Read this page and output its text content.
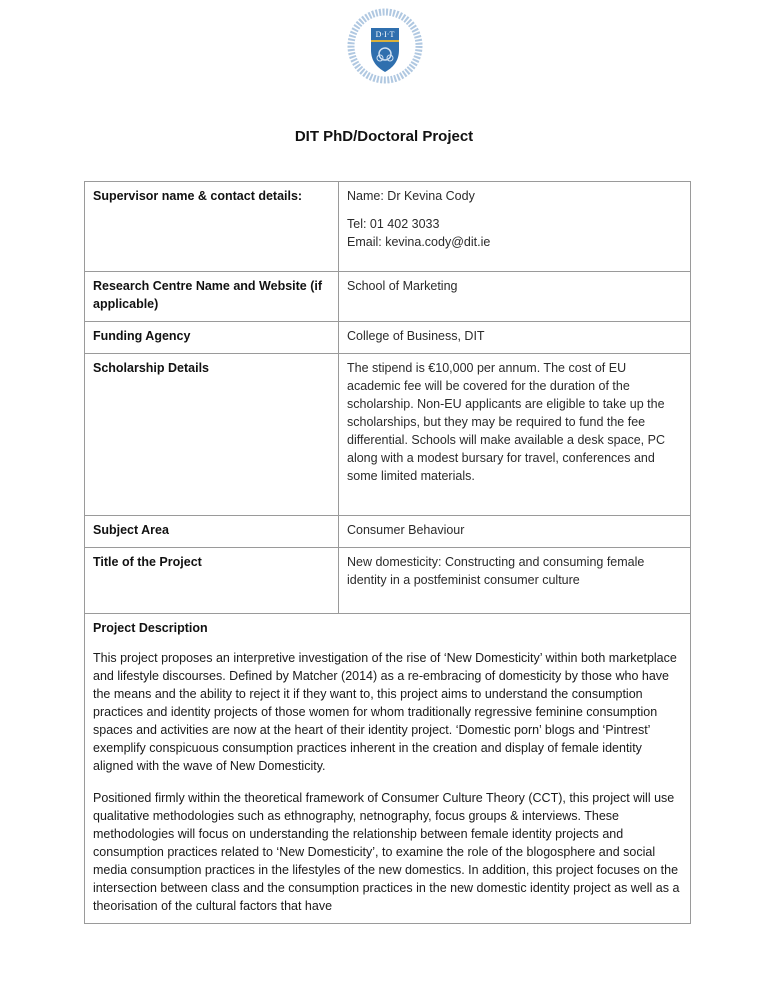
D·I·T
DIT PhD/Doctoral Project
Supervisor name & contact details:	Name: Dr Kevina Cody
Tel: 01 402 3033
Email: kevina.cody@dit.ie

Research Centre Name and Website (if applicable)	School of Marketing
Funding Agency	College of Business, DIT
Scholarship Details	The stipend is €10,000 per annum. The cost of EU academic fee will be covered for the duration of the scholarship. Non-EU applicants are eligible to take up the scholarships, but they may be required to fund the fee differential. Schools will make available a desk space, PC along with a modest bursary for travel, conferences and some limited materials.
Subject Area	Consumer Behaviour
Title of the Project	New domesticity: Constructing and consuming female identity in a postfeminist consumer culture

Project Description

This project proposes an interpretive investigation of the rise of ‘New Domesticity’ within both marketplace and lifestyle discourses. Defined by Matcher (2014) as a re-embracing of domesticity by those who have the means and the ability to reject it if they want to, this project aims to understand the consumption practices and identity projects of those women for whom traditionally regressive feminine consumption spaces and activities are now at the heart of their identity project. ‘Domestic porn’ blogs and ‘Pintrest’ exemplify conspicuous consumption practices inherent in the creation and display of female identity aligned with the wave of New Domesticity.

Positioned firmly within the theoretical framework of Consumer Culture Theory (CCT), this project will use qualitative methodologies such as ethnography, netnography, focus groups & interviews. These methodologies will focus on understanding the relationship between female identity projects and consumption practices related to ‘New Domesticity’, to examine the role of the blogosphere and social media consumption practices in the lifestyles of the new domestics. In addition, this project focuses on the intersection between class and the consumption practices in the new domestic identity project as well as a theorisation of the cultural factors that have	
